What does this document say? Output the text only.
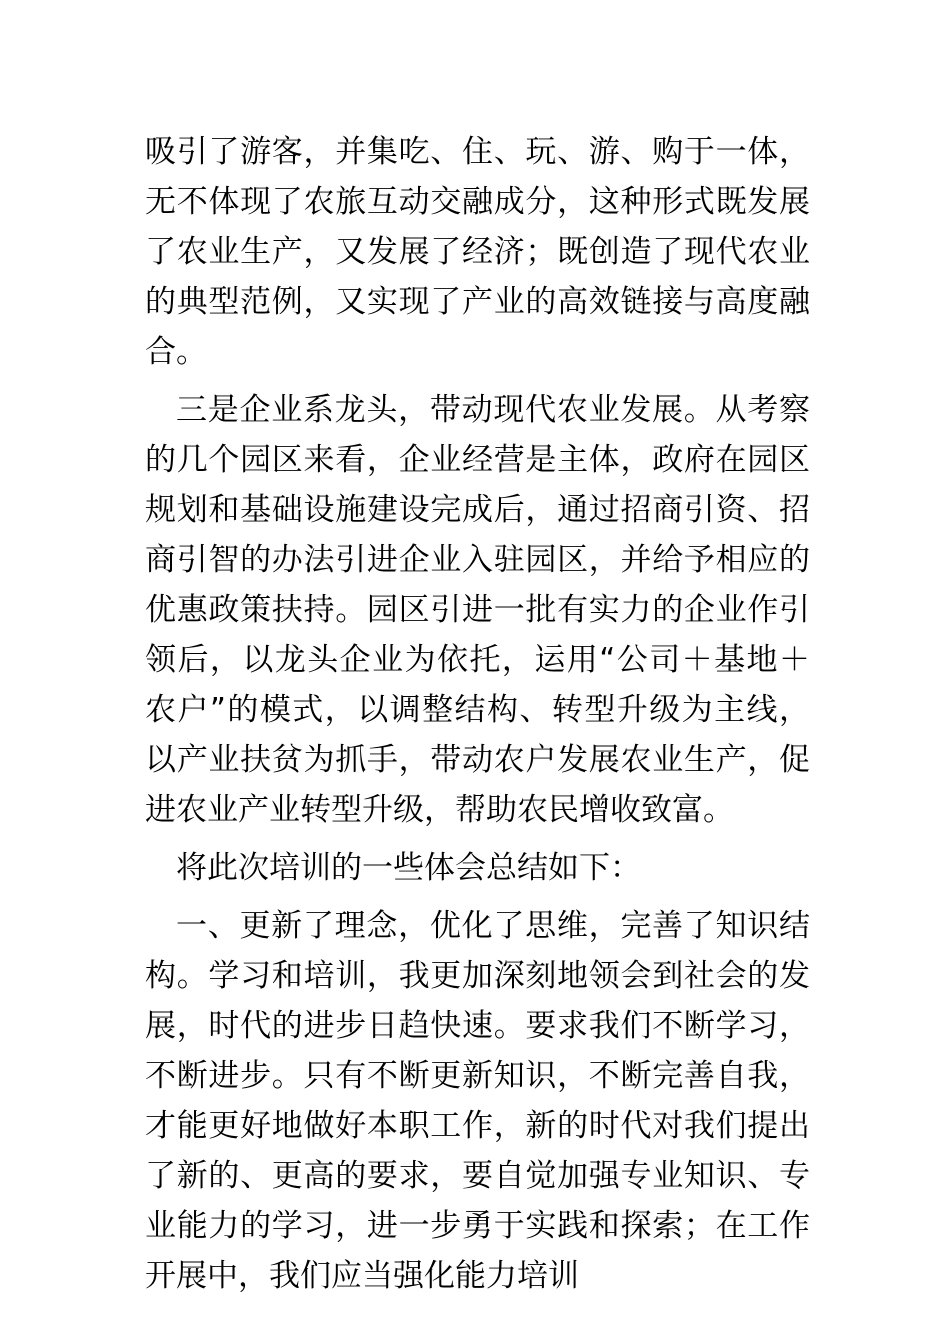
吸引了游客，并集吃、住、玩、游、购于一体，无不体现了农旅互动交融成分，这种形式既发展了农业生产，又发展了经济；既创造了现代农业的典型范例，又实现了产业的高效链接与高度融合。

三是企业系龙头，带动现代农业发展。从考察的几个园区来看，企业经营是主体，政府在园区规划和基础设施建设完成后，通过招商引资、招商引智的办法引进企业入驻园区，并给予相应的优惠政策扶持。园区引进一批有实力的企业作引领后，以龙头企业为依托，运用“公司＋基地＋农户”的模式，以调整结构、转型升级为主线，以产业扶贫为抓手，带动农户发展农业生产，促进农业产业转型升级，帮助农民增收致富。

将此次培训的一些体会总结如下：

一、更新了理念，优化了思维，完善了知识结构。学习和培训，我更加深刻地领会到社会的发展，时代的进步日趋快速。要求我们不断学习，不断进步。只有不断更新知识，不断完善自我，才能更好地做好本职工作，新的时代对我们提出了新的、更高的要求，要自觉加强专业知识、专业能力的学习，进一步勇于实践和探索；在工作开展中，我们应当强化能力培训
